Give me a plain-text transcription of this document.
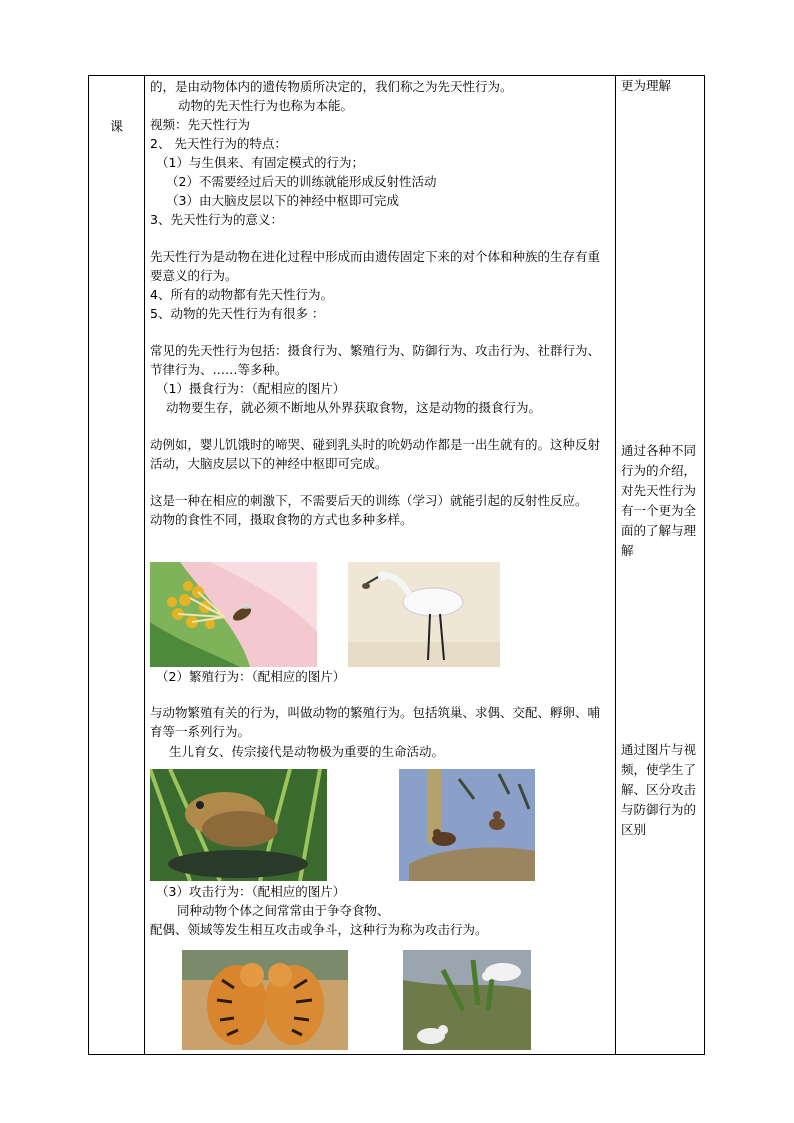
课

的，是由动物体内的遗传物质所决定的，我们称之为先天性行为。

动物的先天性行为也称为本能。

视频：先天性行为

2、 先天性行为的特点：

（1）与生俱来、有固定模式的行为；

（2）不需要经过后天的训练就能形成反射性活动

（3）由大脑皮层以下的神经中枢即可完成

3、先天性行为的意义：

先天性行为是动物在进化过程中形成而由遗传固定下来的对个体和种族的生存有重要意义的行为。

4、所有的动物都有先天性行为。

5、动物的先天性行为有很多 ：

常见的先天性行为包括：摄食行为、繁殖行为、防御行为、攻击行为、社群行为、节律行为、……等多种。

（1）摄食行为：（配相应的图片）

动物要生存，就必须不断地从外界获取食物，这是动物的摄食行为。

动例如，婴儿饥饿时的啼哭、碰到乳头时的吮奶动作都是一出生就有的。这种反射活动，大脑皮层以下的神经中枢即可完成。

这是一种在相应的刺激下，不需要后天的训练（学习）就能引起的反射性反应。

动物的食性不同，摄取食物的方式也多种多样。

（2）繁殖行为：（配相应的图片）

与动物繁殖有关的行为，叫做动物的繁殖行为。包括筑巢、求偶、交配、孵卵、哺育等一系列行为。

生儿育女、传宗接代是动物极为重要的生命活动。

（3）攻击行为：（配相应的图片）

同种动物个体之间常常由于争夺食物、

配偶、领域等发生相互攻击或争斗，这种行为称为攻击行为。

更为理解
通过各种不同行为的介绍，对先天性行为有一个更为全面的了解与理解
通过图片与视频，使学生了解、区分攻击与防御行为的区别
